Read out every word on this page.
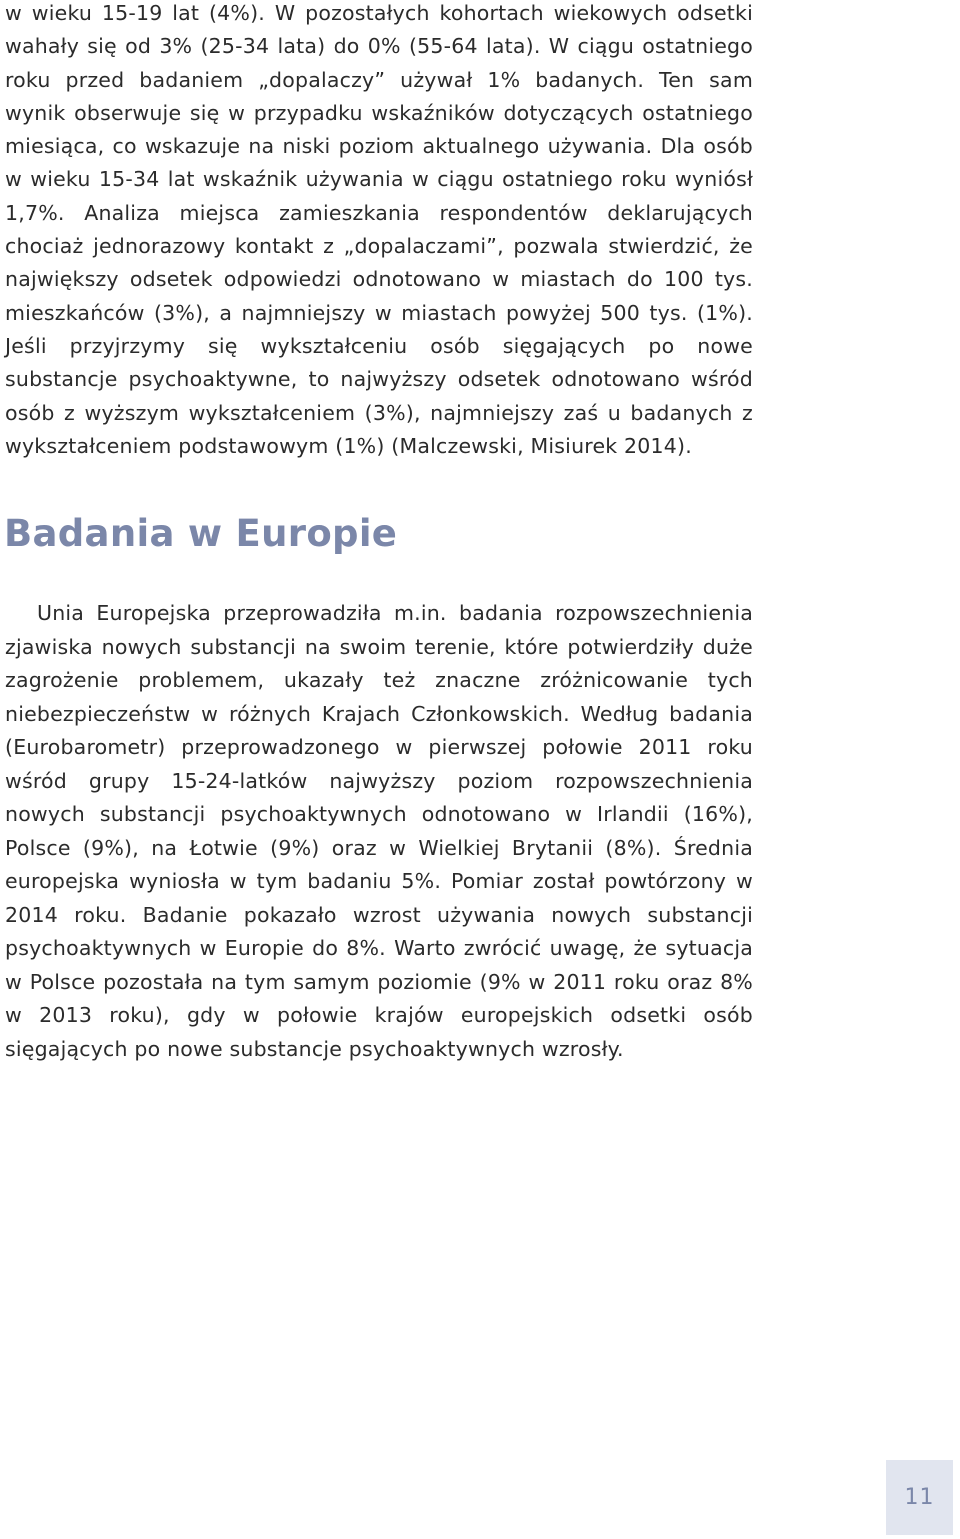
w wieku 15-19 lat (4%). W pozostałych kohortach wiekowych odsetki wahały się od 3% (25-34 lata) do 0% (55-64 lata). W ciągu ostatniego roku przed badaniem „dopalaczy” używał 1% badanych. Ten sam wynik obserwuje się w przypadku wskaźników dotyczących ostatniego miesiąca, co wskazuje na niski poziom aktualnego używania. Dla osób w wieku 15-34 lat wskaźnik używania w ciągu ostatniego roku wyniósł 1,7%. Analiza miejsca zamieszkania respondentów deklarujących chociaż jednorazowy kontakt z „dopalaczami”, pozwala stwierdzić, że największy odsetek odpowiedzi odnotowano w miastach do 100 tys. mieszkańców (3%), a najmniejszy w miastach powyżej 500 tys. (1%). Jeśli przyjrzymy się wykształceniu osób sięgających po nowe substancje psychoaktywne, to najwyższy odsetek odnotowano wśród osób z wyższym wykształceniem (3%), najmniejszy zaś u badanych z wykształceniem podstawowym (1%) (Malczewski, Misiurek 2014).

Badania w Europie

Unia Europejska przeprowadziła m.in. badania rozpowszechnienia zjawiska nowych substancji na swoim terenie, które potwierdziły duże zagrożenie problemem, ukazały też znaczne zróżnicowanie tych niebezpieczeństw w różnych Krajach Członkowskich. Według badania (Eurobarometr) przeprowadzonego w pierwszej połowie 2011 roku wśród grupy 15-24-latków najwyższy poziom rozpowszechnienia nowych substancji psychoaktywnych odnotowano w Irlandii (16%), Polsce (9%), na Łotwie (9%) oraz w Wielkiej Brytanii (8%). Średnia europejska wyniosła w tym badaniu 5%. Pomiar został powtórzony w 2014 roku. Badanie pokazało wzrost używania nowych substancji psychoaktywnych w Europie do 8%. Warto zwrócić uwagę, że sytuacja w Polsce pozostała na tym samym poziomie (9% w 2011 roku oraz 8% w 2013 roku), gdy w połowie krajów europejskich odsetki osób sięgających po nowe substancje psychoaktywnych wzrosły.

11
